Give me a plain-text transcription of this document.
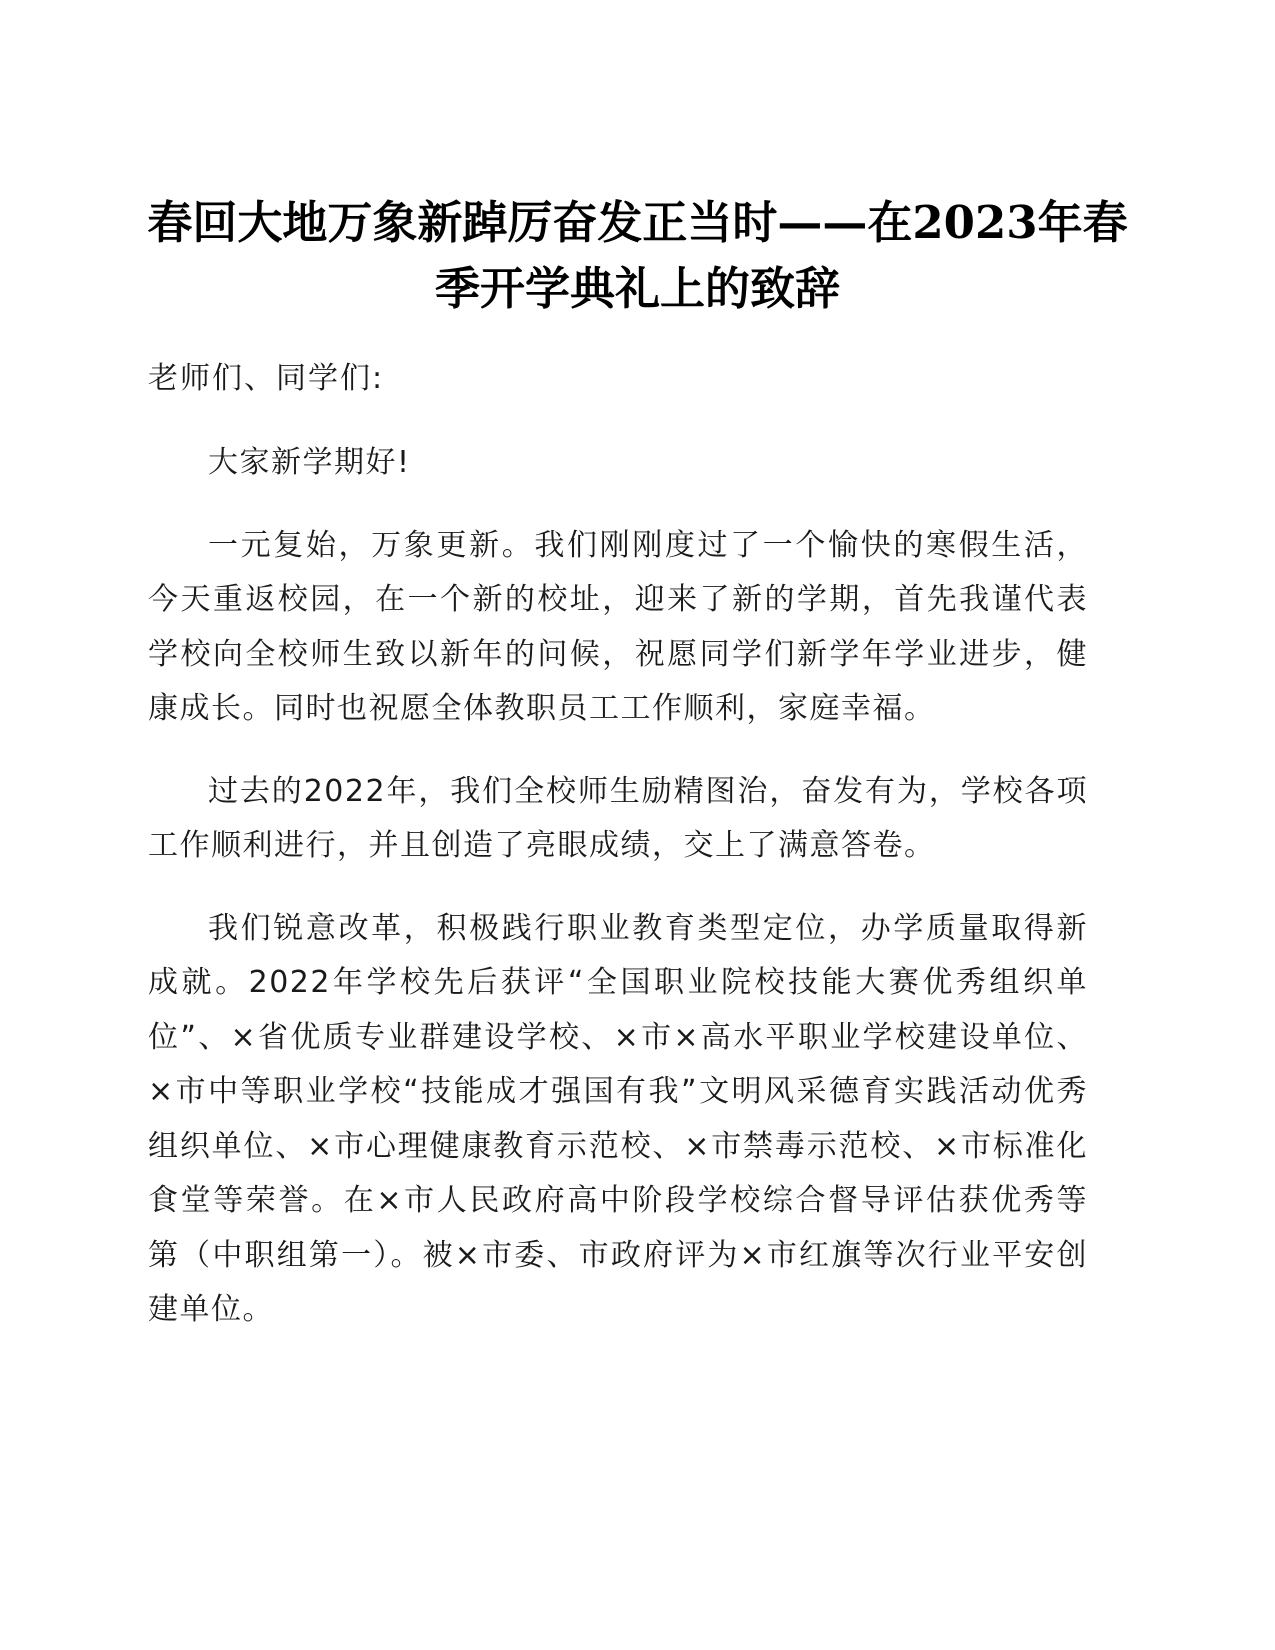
春回大地万象新踔厉奋发正当时——在2023年春季开学典礼上的致辞

老师们、同学们:

大家新学期好!

一元复始，万象更新。我们刚刚度过了一个愉快的寒假生活，今天重返校园，在一个新的校址，迎来了新的学期，首先我谨代表学校向全校师生致以新年的问候，祝愿同学们新学年学业进步，健康成长。同时也祝愿全体教职员工工作顺利，家庭幸福。

过去的2022年，我们全校师生励精图治，奋发有为，学校各项工作顺利进行，并且创造了亮眼成绩，交上了满意答卷。

我们锐意改革，积极践行职业教育类型定位，办学质量取得新成就。2022年学校先后获评“全国职业院校技能大赛优秀组织单位”、×省优质专业群建设学校、×市×高水平职业学校建设单位、×市中等职业学校“技能成才强国有我”文明风采德育实践活动优秀组织单位、×市心理健康教育示范校、×市禁毒示范校、×市标准化食堂等荣誉。在×市人民政府高中阶段学校综合督导评估获优秀等第（中职组第一）。被×市委、市政府评为×市红旗等次行业平安创建单位。
